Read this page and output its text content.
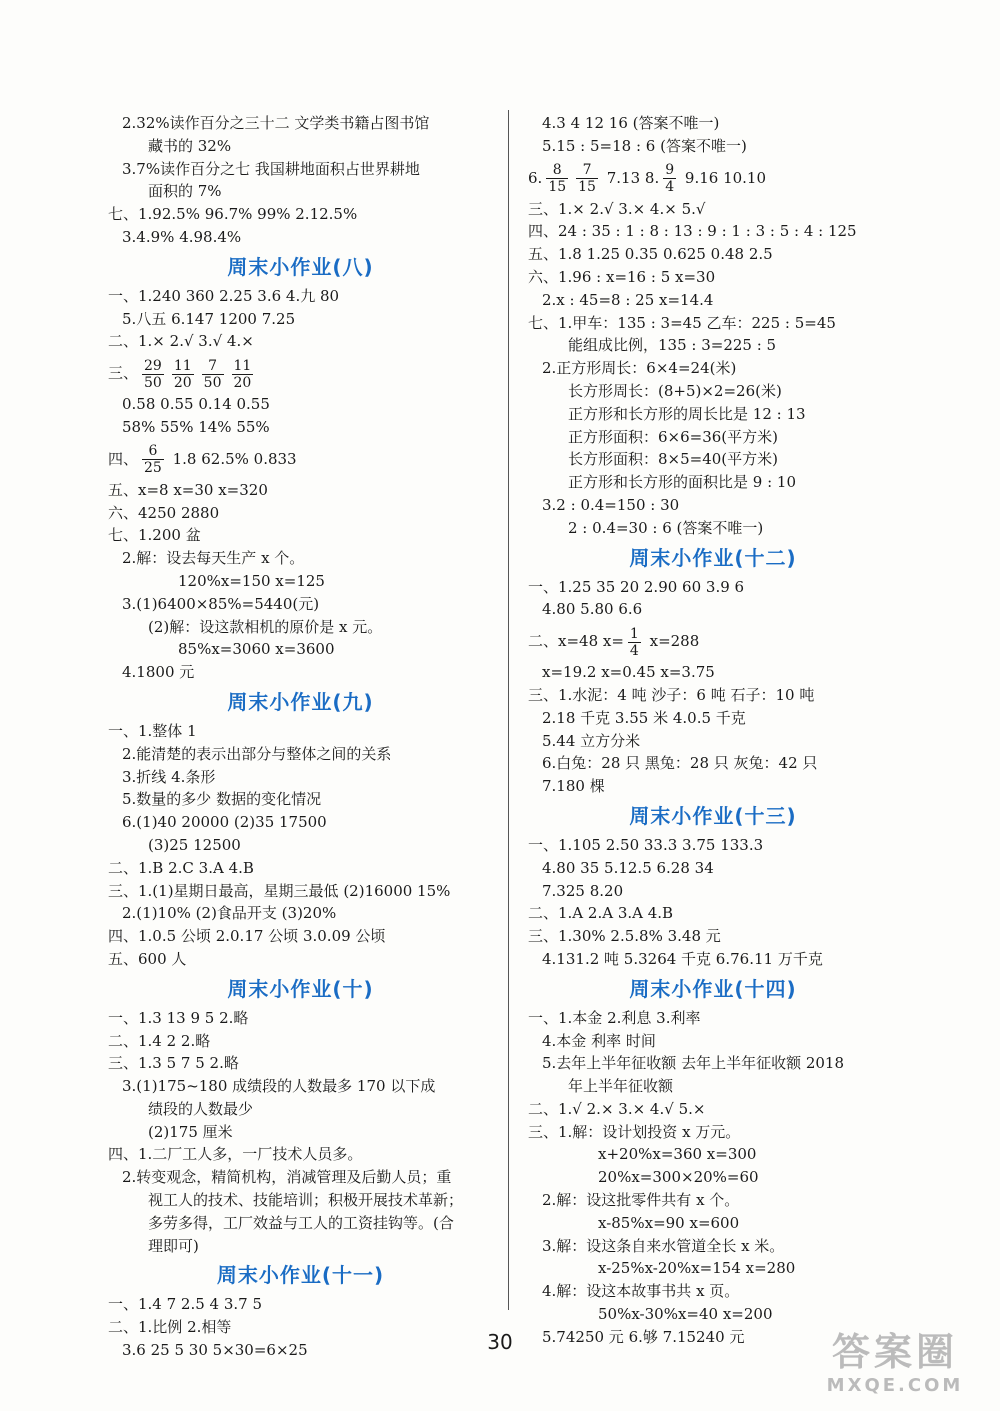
2.32%读作百分之三十二 文学类书籍占图书馆
藏书的 32%
3.7%读作百分之七 我国耕地面积占世界耕地
面积的 7%
七、1.92.5% 96.7% 99% 2.12.5%
3.4.9% 4.98.4%
周末小作业(八)
一、1.240 360 2.25 3.6 4.九 80
5.八五 6.147 1200 7.25
二、1.× 2.√ 3.√ 4.×
三、 $\frac{29}{50} \frac{11}{20} \frac{7}{50} \frac{11}{20}$
0.58 0.55 0.14 0.55
58% 55% 14% 55%
四、 $\frac{6}{25} 1.8$ 62.5% 0.833
五、x=8 x=30 x=320
六、4250 2880
七、1.200 盆
2.解：设去每天生产 x 个。
120%x=150 x=125
3.(1)6400×85%=5440(元)
(2)解：设这款相机的原价是 x 元。
85%x=3060 x=3600
4.1800 元
周末小作业(九)
一、1.整体 1
2.能清楚的表示出部分与整体之间的关系
3.折线 4.条形
5.数量的多少 数据的变化情况
6.(1)40 20000 (2)35 17500
(3)25 12500
二、1.B 2.C 3.A 4.B
三、1.(1)星期日最高，星期三最低 (2)16000 15%
2.(1)10% (2)食品开支 (3)20%
四、1.0.5 公顷 2.0.17 公顷 3.0.09 公顷
五、600 人
周末小作业(十)
一、1.3 13 9 5 2.略
二、1.4 2 2.略
三、1.3 5 7 5 2.略
3.(1)175~180 成绩段的人数最多 170 以下成
绩段的人数最少
(2)175 厘米
四、1.二厂工人多，一厂技术人员多。
2.转变观念，精简机构，消减管理及后勤人员；重
视工人的技术、技能培训；积极开展技术革新；
多劳多得，工厂效益与工人的工资挂钩等。(合
理即可)
周末小作业(十一)
一、1.4 7 2.5 4 3.7 5
二、1.比例 2.相等
3.6 25 5 30 5×30=6×25
4.3 4 12 16 (答案不唯一)
5.15 : 5=18 : 6 (答案不唯一)
6. $\frac{8}{15} \frac{7}{15} 7.13$ 8. $\frac{9}{4} 9.16$ 10.10
三、1.× 2.√ 3.× 4.× 5.√
四、24 : 35 : 1 : 8 : 13 : 9 : 1 : 3 : 5 : 4 : 125
五、1.8 1.25 0.35 0.625 0.48 2.5
六、1.96 : x=16 : 5 x=30
2.x : 45=8 : 25 x=14.4
七、1.甲车：135 : 3=45 乙车：225 : 5=45
能组成比例，135 : 3=225 : 5
2.正方形周长：6×4=24(米)
长方形周长：(8+5)×2=26(米)
正方形和长方形的周长比是 12 : 13
正方形面积：6×6=36(平方米)
长方形面积：8×5=40(平方米)
正方形和长方形的面积比是 9 : 10
3.2 : 0.4=150 : 30
2 : 0.4=30 : 6 (答案不唯一)
周末小作业(十二)
一、1.25 35 20 2.90 60 3.9 6
4.80 5.80 6.6
二、x=48 $x= \frac{1}{4} x=288$
x=19.2 x=0.45 x=3.75
三、1.水泥：4 吨 沙子：6 吨 石子：10 吨
2.18 千克 3.55 米 4.0.5 千克
5.44 立方分米
6.白兔：28 只 黑兔：28 只 灰兔：42 只
7.180 棵
周末小作业(十三)
一、1.105 2.50 33.3 3.75 133.3
4.80 35 5.12.5 6.28 34
7.325 8.20
二、1.A 2.A 3.A 4.B
三、1.30% 2.5.8% 3.48 元
4.131.2 吨 5.3264 千克 6.76.11 万千克
周末小作业(十四)
一、1.本金 2.利息 3.利率
4.本金 利率 时间
5.去年上半年征收额 去年上半年征收额 2018
年上半年征收额
二、1.√ 2.× 3.× 4.√ 5.×
三、1.解：设计划投资 x 万元。
x+20%x=360 x=300
20%x=300×20%=60
2.解：设这批零件共有 x 个。
x-85%x=90 x=600
3.解：设这条自来水管道全长 x 米。
x-25%x-20%x=154 x=280
4.解：设这本故事书共 x 页。
50%x-30%x=40 x=200
5.74250 元 6.够 7.15240 元
30	答案圈
MXQE.COM
